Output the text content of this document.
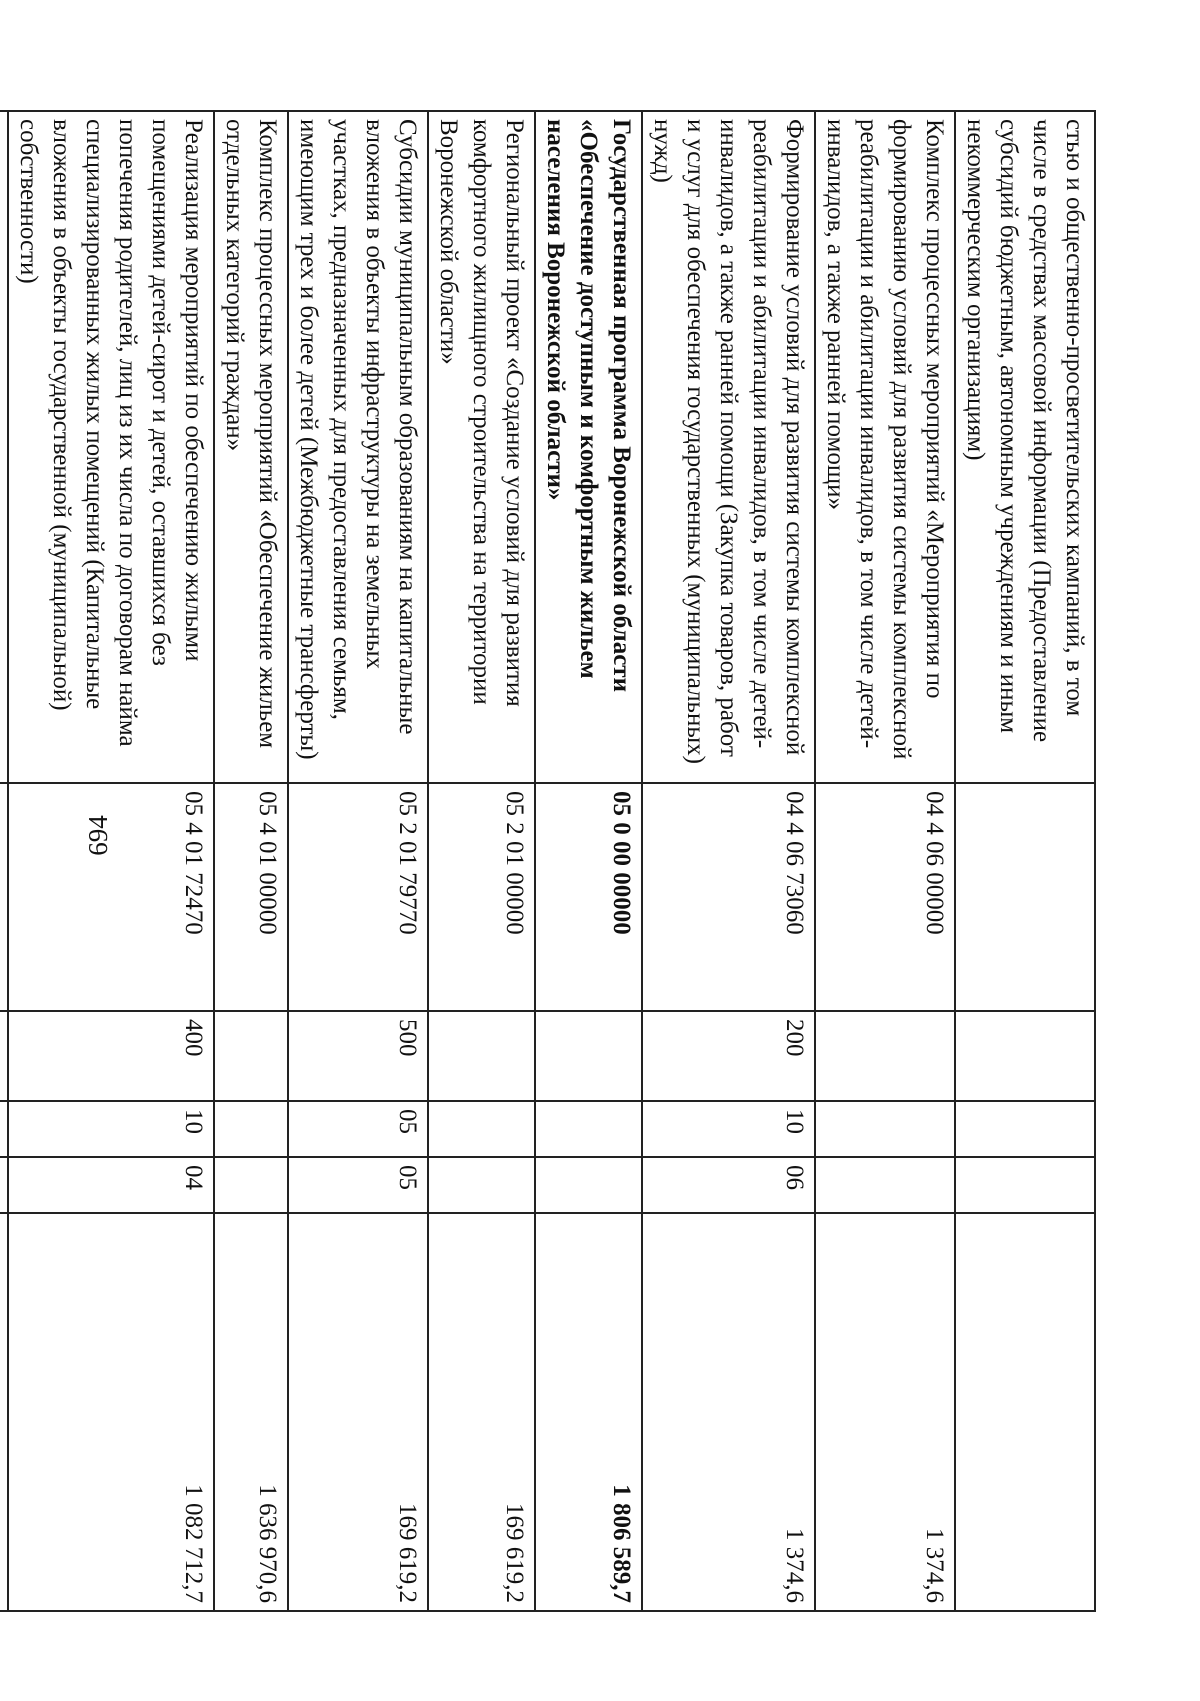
694
стью и общественно-просветительских кампаний, в том числе в средствах массовой информации (Предоставление субсидий бюджетным, автономным учреждениям и иным некоммерческим организациям)					
Комплекс процессных мероприятий «Мероприятия по формированию условий для развития системы комплексной реабилитации и абилитации инвалидов, в том числе детей-инвалидов, а также ранней помощи»	04 4 06 00000				1 374,6
Формирование условий для развития системы комплексной реабилитации и абилитации инвалидов, в том числе детей-инвалидов, а также ранней помощи (Закупка товаров, работ и услуг для обеспечения государственных (муниципальных) нужд)	04 4 06 73060	200	10	06	1 374,6
Государственная программа Воронежской области «Обеспечение доступным и комфортным жильем населения Воронежской области»	05 0 00 00000				1 806 589,7
Региональный проект «Создание условий для развития комфортного жилищного строительства на территории Воронежской области»	05 2 01 00000				169 619,2
Субсидии муниципальным образованиям на капитальные вложения в объекты инфраструктуры на земельных участках, предназначенных для предоставления семьям, имеющим трех и более детей (Межбюджетные трансферты)	05 2 01 79770	500	05	05	169 619,2
Комплекс процессных мероприятий «Обеспечение жильем отдельных категорий граждан»	05 4 01 00000				1 636 970,6
Реализация мероприятий по обеспечению жилыми помещениями детей-сирот и детей, оставшихся без попечения родителей, лиц из их числа по договорам найма специализированных жилых помещений (Капитальные вложения в объекты государственной (муниципальной) собственности)	05 4 01 72470	400	10	04	1 082 712,7
